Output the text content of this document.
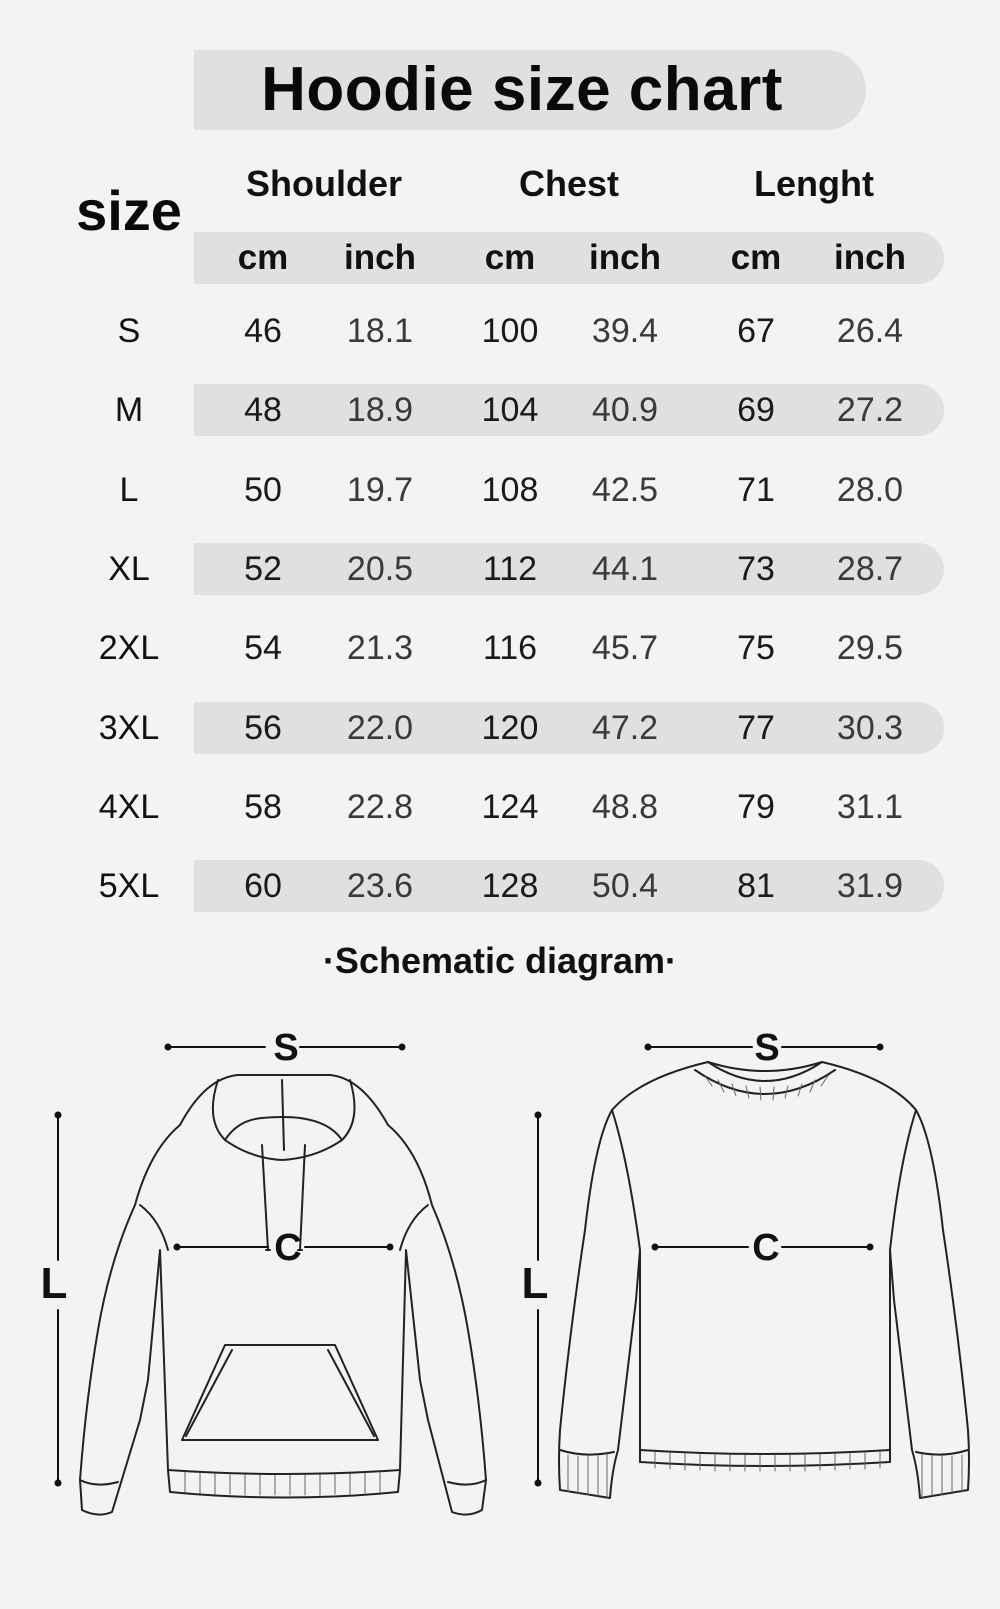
Hoodie size chart
size	Shoulder	Chest	Lenght
cm	inch	cm	inch	cm	inch
S	46	18.1	100	39.4	67	26.4
M	48	18.9	104	40.9	69	27.2
L	50	19.7	108	42.5	71	28.0
XL	52	20.5	112	44.1	73	28.7
2XL	54	21.3	116	45.7	75	29.5
3XL	56	22.0	120	47.2	77	30.3
4XL	58	22.8	124	48.8	79	31.1
5XL	60	23.6	128	50.4	81	31.9
·Schematic diagram·
S
L
C
S
L
C
